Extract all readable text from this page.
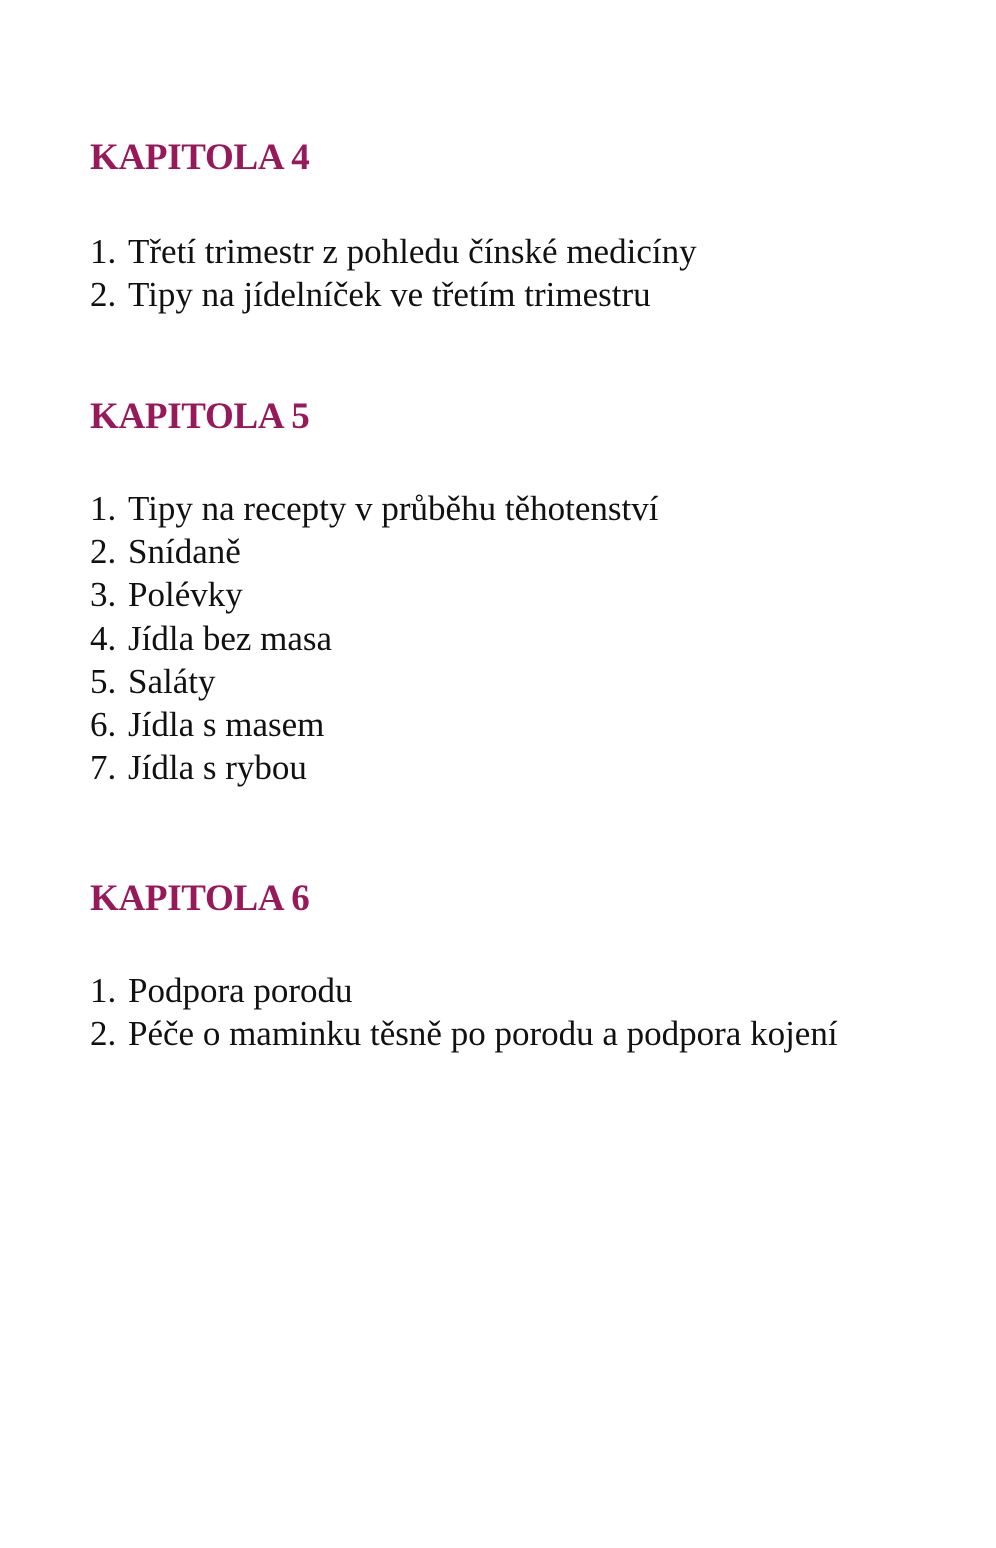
KAPITOLA 4
1. Třetí trimestr z pohledu čínské medicíny
2. Tipy na jídelníček ve třetím trimestru
KAPITOLA 5
1. Tipy na recepty v průběhu těhotenství
2. Snídaně
3. Polévky
4. Jídla bez masa
5. Saláty
6. Jídla s masem
7. Jídla s rybou
KAPITOLA 6
1. Podpora porodu
2. Péče o maminku těsně po porodu a podpora kojení
